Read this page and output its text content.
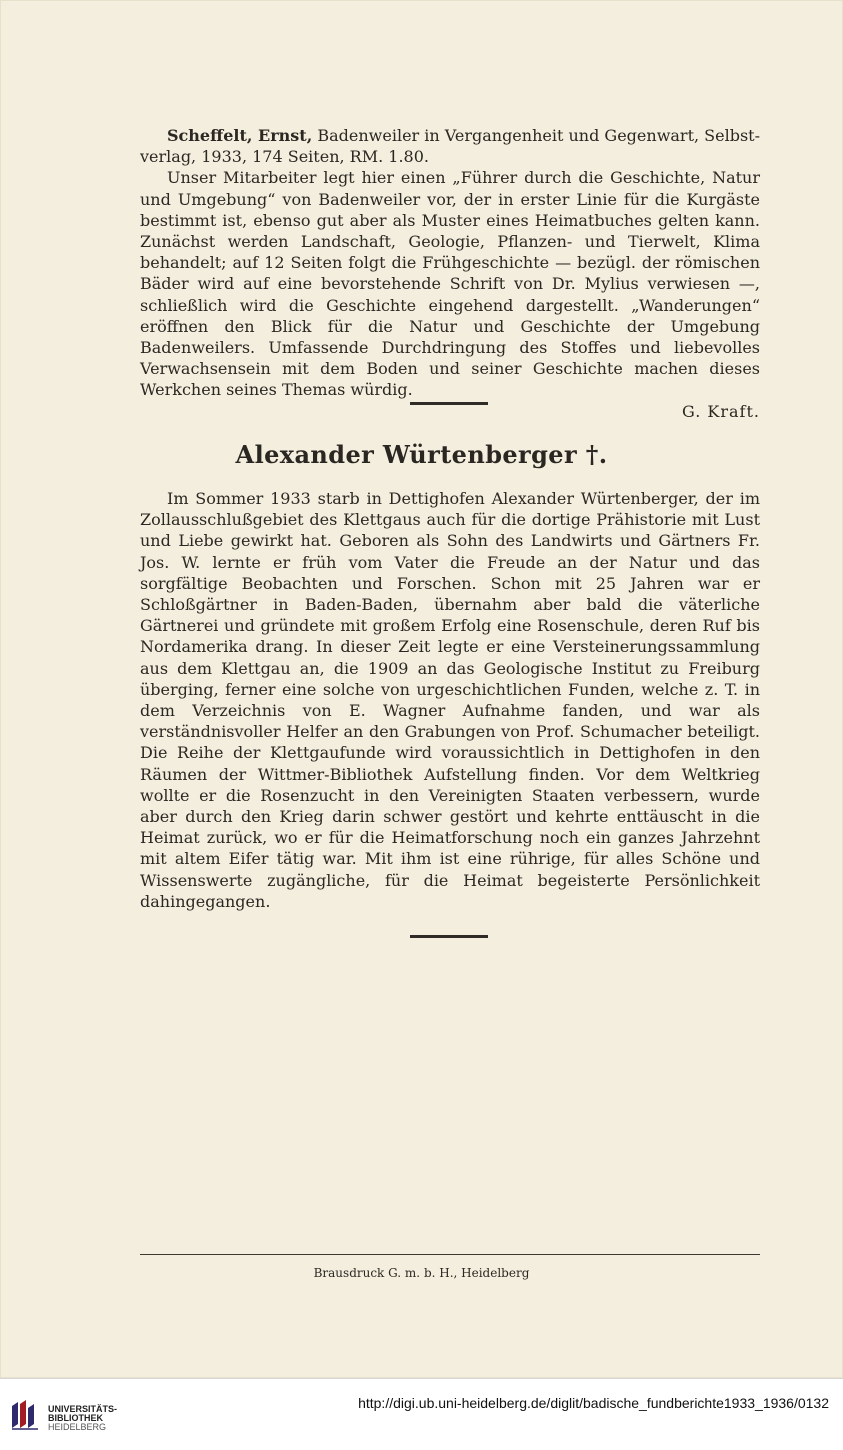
Scheffelt, Ernst, Badenweiler in Vergangenheit und Gegenwart, Selbst-verlag, 1933, 174 Seiten, RM. 1.80.

Unser Mitarbeiter legt hier einen „Führer durch die Geschichte, Natur und Umgebung“ von Badenweiler vor, der in erster Linie für die Kurgäste bestimmt ist, ebenso gut aber als Muster eines Heimatbuches gelten kann. Zunächst werden Landschaft, Geologie, Pflanzen- und Tierwelt, Klima behandelt; auf 12 Seiten folgt die Frühgeschichte — bezügl. der römischen Bäder wird auf eine bevorstehende Schrift von Dr. Mylius verwiesen —, schließlich wird die Geschichte eingehend dargestellt. „Wanderungen“ eröffnen den Blick für die Natur und Geschichte der Umgebung Badenweilers. Umfassende Durchdringung des Stoffes und liebevolles Verwachsensein mit dem Boden und seiner Geschichte machen dieses Werkchen seines Themas würdig.

G. Kraft.

Alexander Würtenberger †.

Im Sommer 1933 starb in Dettighofen Alexander Würtenberger, der im Zollausschlußgebiet des Klettgaus auch für die dortige Prähistorie mit Lust und Liebe gewirkt hat. Geboren als Sohn des Landwirts und Gärtners Fr. Jos. W. lernte er früh vom Vater die Freude an der Natur und das sorgfältige Beobachten und Forschen. Schon mit 25 Jahren war er Schloßgärtner in Baden-Baden, übernahm aber bald die väterliche Gärtnerei und gründete mit großem Erfolg eine Rosenschule, deren Ruf bis Nordamerika drang. In dieser Zeit legte er eine Versteinerungssammlung aus dem Klettgau an, die 1909 an das Geologische Institut zu Freiburg überging, ferner eine solche von urgeschichtlichen Funden, welche z. T. in dem Verzeichnis von E. Wagner Aufnahme fanden, und war als verständnisvoller Helfer an den Grabungen von Prof. Schumacher beteiligt. Die Reihe der Klettgaufunde wird voraussichtlich in Dettighofen in den Räumen der Wittmer-Bibliothek Aufstellung finden. Vor dem Weltkrieg wollte er die Rosenzucht in den Vereinigten Staaten verbessern, wurde aber durch den Krieg darin schwer gestört und kehrte enttäuscht in die Heimat zurück, wo er für die Heimatforschung noch ein ganzes Jahrzehnt mit altem Eifer tätig war. Mit ihm ist eine rührige, für alles Schöne und Wissenswerte zugängliche, für die Heimat begeisterte Persönlichkeit dahingegangen.

Brausdruck G. m. b. H., Heidelberg
UNIVERSITÄTS-
BIBLIOTHEK

HEIDELBERG
http://digi.ub.uni-heidelberg.de/diglit/badische_fundberichte1933_1936/0132
